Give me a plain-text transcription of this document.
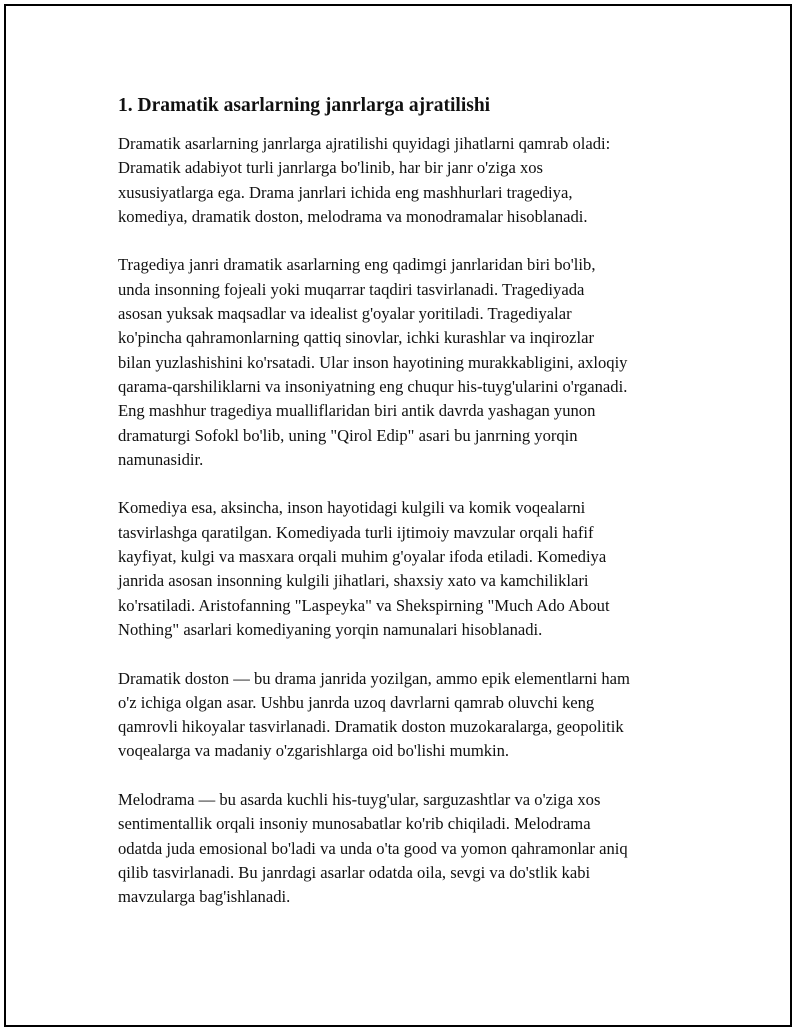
1. Dramatik asarlarning janrlarga ajratilishi

Dramatik asarlarning janrlarga ajratilishi quyidagi jihatlarni qamrab oladi:
Dramatik adabiyot turli janrlarga bo'linib, har bir janr o'ziga xos
xususiyatlarga ega. Drama janrlari ichida eng mashhurlari tragediya,
komediya, dramatik doston, melodrama va monodramalar hisoblanadi.

Tragediya janri dramatik asarlarning eng qadimgi janrlaridan biri bo'lib,
unda insonning fojeali yoki muqarrar taqdiri tasvirlanadi. Tragediyada
asosan yuksak maqsadlar va idealist g'oyalar yoritiladi. Tragediyalar
ko'pincha qahramonlarning qattiq sinovlar, ichki kurashlar va inqirozlar
bilan yuzlashishini ko'rsatadi. Ular inson hayotining murakkabligini, axloqiy
qarama-qarshiliklarni va insoniyatning eng chuqur his-tuyg'ularini o'rganadi.
Eng mashhur tragediya mualliflaridan biri antik davrda yashagan yunon
dramaturgi Sofokl bo'lib, uning "Qirol Edip" asari bu janrning yorqin
namunasidir.

Komediya esa, aksincha, inson hayotidagi kulgili va komik voqealarni
tasvirlashga qaratilgan. Komediyada turli ijtimoiy mavzular orqali hafif
kayfiyat, kulgi va masxara orqali muhim g'oyalar ifoda etiladi. Komediya
janrida asosan insonning kulgili jihatlari, shaxsiy xato va kamchiliklari
ko'rsatiladi. Aristofanning "Laspeyka" va Shekspirning "Much Ado About
Nothing" asarlari komediyaning yorqin namunalari hisoblanadi.

Dramatik doston — bu drama janrida yozilgan, ammo epik elementlarni ham
o'z ichiga olgan asar. Ushbu janrda uzoq davrlarni qamrab oluvchi keng
qamrovli hikoyalar tasvirlanadi. Dramatik doston muzokaralarga, geopolitik
voqealarga va madaniy o'zgarishlarga oid bo'lishi mumkin.

Melodrama — bu asarda kuchli his-tuyg'ular, sarguzashtlar va o'ziga xos
sentimentallik orqali insoniy munosabatlar ko'rib chiqiladi. Melodrama
odatda juda emosional bo'ladi va unda o'ta good va yomon qahramonlar aniq
qilib tasvirlanadi. Bu janrdagi asarlar odatda oila, sevgi va do'stlik kabi
mavzularga bag'ishlanadi.
